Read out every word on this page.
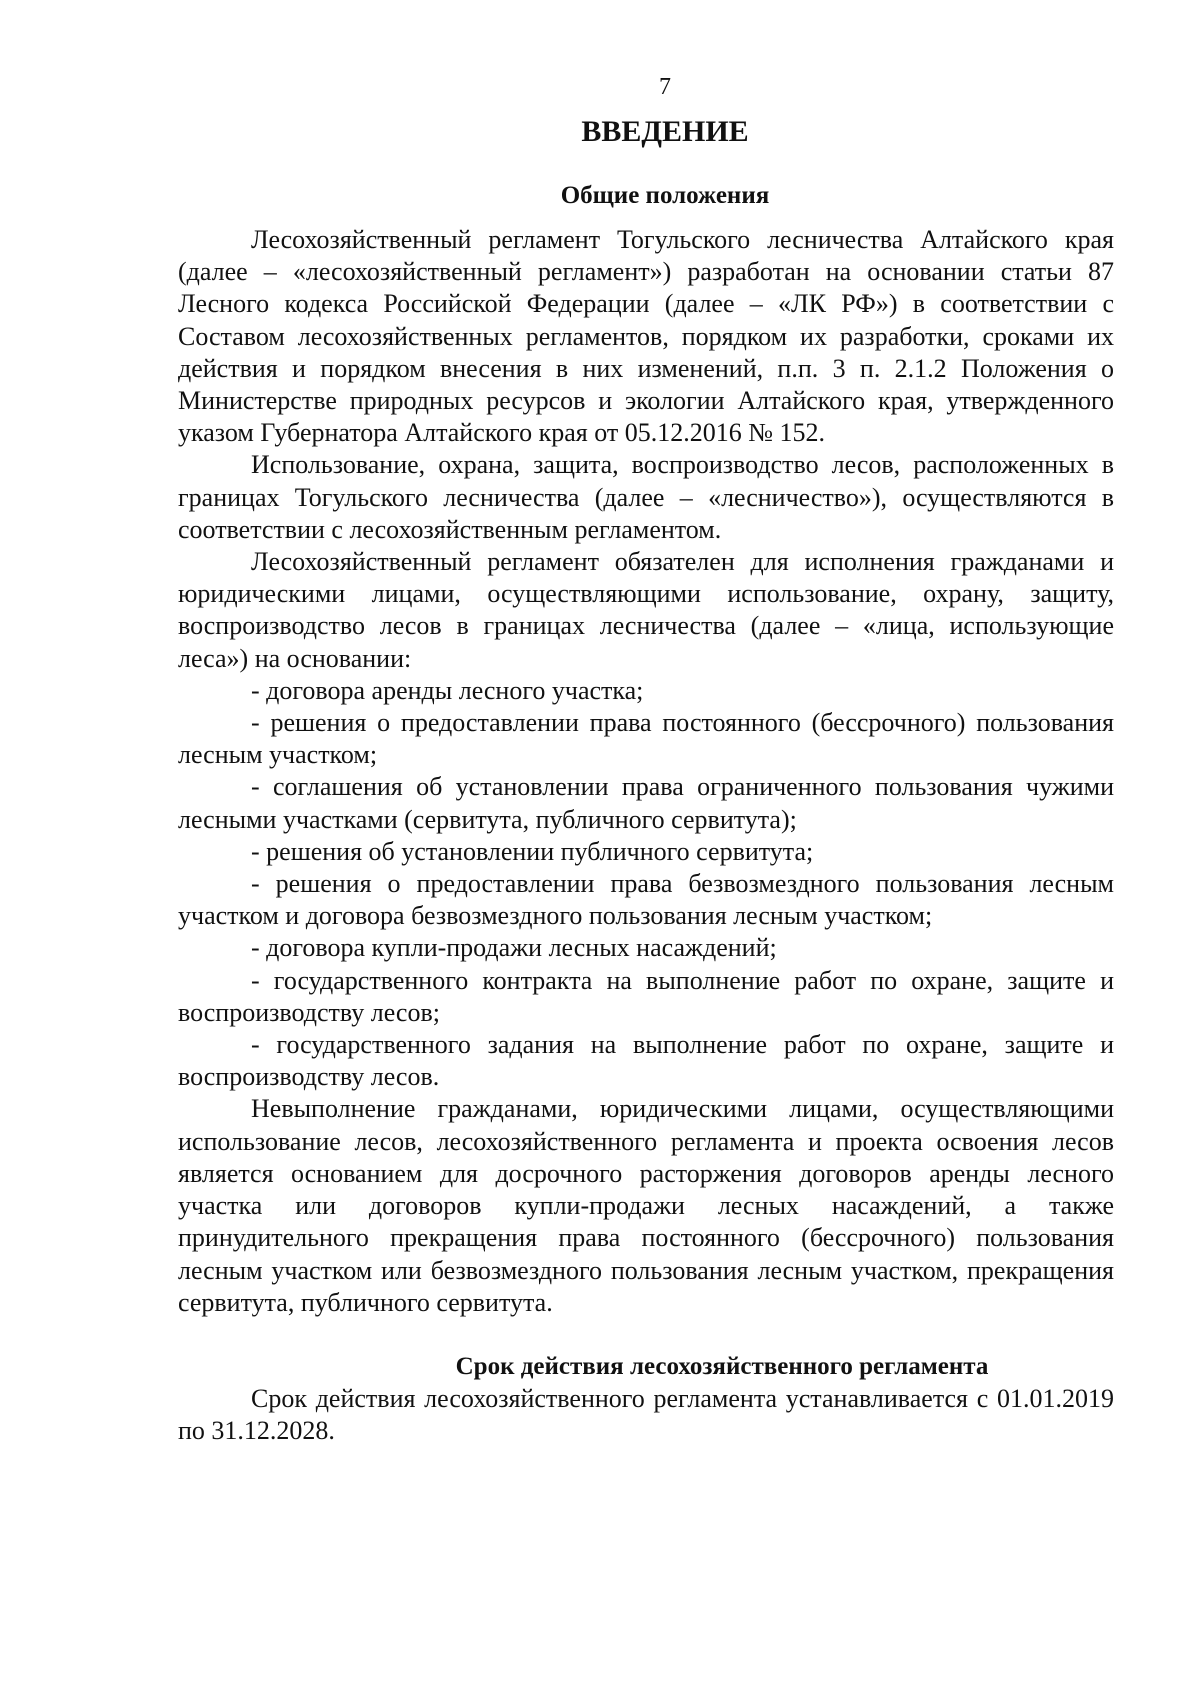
7
ВВЕДЕНИЕ
Общие положения

Лесохозяйственный регламент Тогульского лесничества Алтайского края (далее – «лесохозяйственный регламент») разработан на основании статьи 87 Лесного кодекса Российской Федерации (далее – «ЛК РФ») в соответствии с Составом лесохозяйственных регламентов, порядком их разработки, сроками их действия и порядком внесения в них изменений, п.п. 3 п. 2.1.2 Положения о Министерстве природных ресурсов и экологии Алтайского края, утвержденного указом Губернатора Алтайского края от 05.12.2016 № 152.

Использование, охрана, защита, воспроизводство лесов, расположенных в границах Тогульского лесничества (далее – «лесничество»), осуществляются в соответствии с лесохозяйственным регламентом.

Лесохозяйственный регламент обязателен для исполнения гражданами и юридическими лицами, осуществляющими использование, охрану, защиту, воспроизводство лесов в границах лесничества (далее – «лица, использующие леса») на основании:

- договора аренды лесного участка;

- решения о предоставлении права постоянного (бессрочного) пользования лесным участком;

- соглашения об установлении права ограниченного пользования чужими лесными участками (сервитута, публичного сервитута);

- решения об установлении публичного сервитута;

- решения о предоставлении права безвозмездного пользования лесным участком и договора безвозмездного пользования лесным участком;

- договора купли-продажи лесных насаждений;

- государственного контракта на выполнение работ по охране, защите и воспроизводству лесов;

- государственного задания на выполнение работ по охране, защите и воспроизводству лесов.

Невыполнение гражданами, юридическими лицами, осуществляющими использование лесов, лесохозяйственного регламента и проекта освоения лесов является основанием для досрочного расторжения договоров аренды лесного участка или договоров купли-продажи лесных насаждений, а также принудительного прекращения права постоянного (бессрочного) пользования лесным участком или безвозмездного пользования лесным участком, прекращения сервитута, публичного сервитута.

Срок действия лесохозяйственного регламента

Срок действия лесохозяйственного регламента устанавливается с 01.01.2019 по 31.12.2028.
